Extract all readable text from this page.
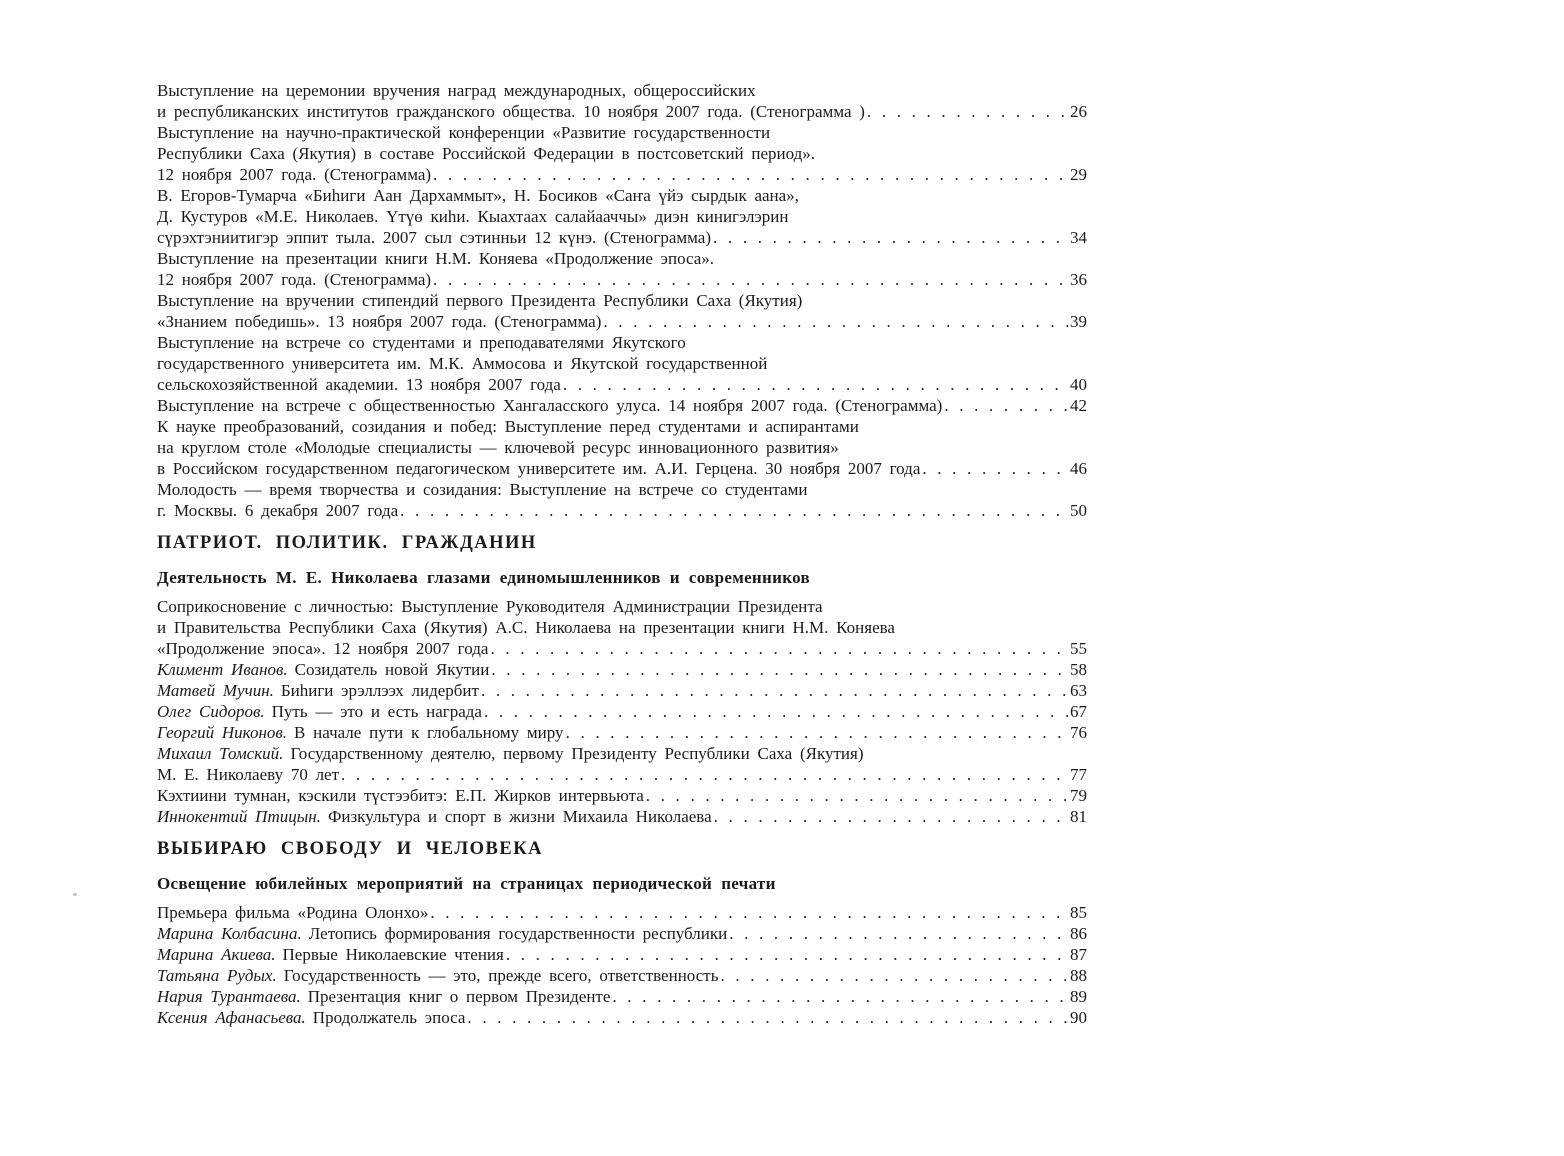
Выступление на церемонии вручения наград международных, общероссийских
и республиканских институтов гражданского общества. 10 ноября 2007 года. (Стенограмма ) . . .	26
Выступление на научно-практической конференции «Развитие государственности
Республики Саха (Якутия) в составе Российской Федерации в постсоветский период».
12 ноября 2007 года. (Стенограмма) . . .	29
В. Егоров-Тумарча «Биһиги Аан Дархаммыт», Н. Босиков «Саҥа үйэ сырдык аана»,
Д. Кустуров «М.Е. Николаев. Үтүө киһи. Кыахтаах салайааччы» диэн кинигэлэрин
сүрэхтэниитигэр эппит тыла. 2007 сыл сэтинньи 12 күнэ. (Стенограмма) . . .	34
Выступление на презентации книги Н.М. Коняева «Продолжение эпоса».
12 ноября 2007 года. (Стенограмма) . . .	36
Выступление на вручении стипендий первого Президента Республики Саха (Якутия)
«Знанием победишь». 13 ноября 2007 года. (Стенограмма) . . .	39
Выступление на встрече со студентами и преподавателями Якутского
государственного университета им. М.К. Аммосова и Якутской государственной
сельскохозяйственной академии. 13 ноября 2007 года . . .	40
Выступление на встрече с общественностью Хангаласского улуса. 14 ноября 2007 года. (Стенограмма) . . .	42
К науке преобразований, созидания и побед: Выступление перед студентами и аспирантами
на круглом столе «Молодые специалисты — ключевой ресурс инновационного развития»
в Российском государственном педагогическом университете им. А.И. Герцена. 30 ноября 2007 года . . .	46
Молодость — время творчества и созидания: Выступление на встрече со студентами
г. Москвы. 6 декабря 2007 года . . .	50
ПАТРИОТ. ПОЛИТИК. ГРАЖДАНИН
Деятельность М. Е. Николаева глазами единомышленников и современников
Соприкосновение с личностью: Выступление Руководителя Администрации Президента
и Правительства Республики Саха (Якутия) А.С. Николаева на презентации книги Н.М. Коняева
«Продолжение эпоса». 12 ноября 2007 года . . .	55
Климент Иванов. Созидатель новой Якутии . . .	58
Матвей Мучин. Биһиги эрэллээх лидербит . . .	63
Олег Сидоров. Путь — это и есть награда . . .	67
Георгий Никонов. В начале пути к глобальному миру . . .	76
Михаил Томский. Государственному деятелю, первому Президенту Республики Саха (Якутия)
М. Е. Николаеву 70 лет . . .	77
Кэхтиини тумнан, кэскили түстээбитэ: Е.П. Жирков интервьюта . . .	79
Иннокентий Птицын. Физкультура и спорт в жизни Михаила Николаева . . .	81
ВЫБИРАЮ СВОБОДУ И ЧЕЛОВЕКА
Освещение юбилейных мероприятий на страницах периодической печати
Премьера фильма «Родина Олонхо» . . .	85
Марина Колбасина. Летопись формирования государственности республики . . .	86
Марина Акиева. Первые Николаевские чтения . . .	87
Татьяна Рудых. Государственность — это, прежде всего, ответственность . . .	88
Нария Турантаева. Презентация книг о первом Президенте . . .	89
Ксения Афанасьева. Продолжатель эпоса . . .	90
